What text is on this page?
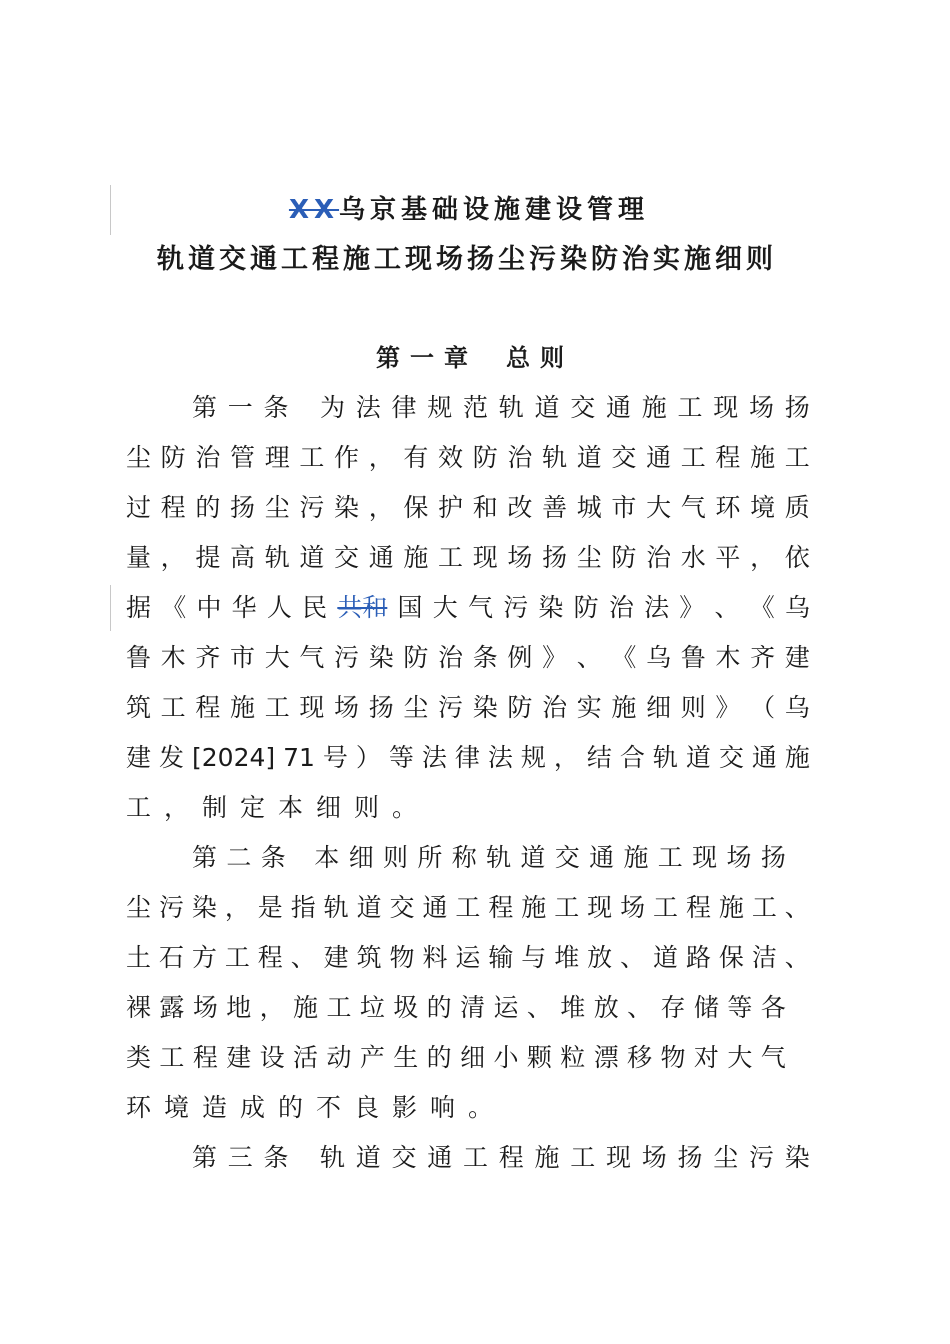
XX乌京基础设施建设管理
轨道交通工程施工现场扬尘污染防治实施细则
第一章 总则
第 一 条 为 法 律 规 范 轨 道 交 通 施 工 现 场 扬
尘 防 治 管 理 工 作 ， 有 效 防 治 轨 道 交 通 工 程 施 工
过 程 的 扬 尘 污 染 ， 保 护 和 改 善 城 市 大 气 环 境 质
量 ， 提 高 轨 道 交 通 施 工 现 场 扬 尘 防 治 水 平 ， 依
据 《 中 华 人 民 共和 国 大 气 污 染 防 治 法 》 、 《 乌
鲁 木 齐 市 大 气 污 染 防 治 条 例 》 、 《 乌 鲁 木 齐 建
筑 工 程 施 工 现 场 扬 尘 污 染 防 治 实 施 细 则 》 （ 乌
建 发 [2024] 71 号 ） 等 法 律 法 规 ， 结 合 轨 道 交 通 施
工，制定本细则。
第 二 条 本 细 则 所 称 轨 道 交 通 施 工 现 场 扬
尘 污 染 ， 是 指 轨 道 交 通 工 程 施 工 现 场 工 程 施 工 、
土 石 方 工 程 、 建 筑 物 料 运 输 与 堆 放 、 道 路 保 洁 、
裸 露 场 地 ， 施 工 垃 圾 的 清 运 、 堆 放 、 存 储 等 各
类 工 程 建 设 活 动 产 生 的 细 小 颗 粒 漂 移 物 对 大 气
环境造成的不良影响。
第 三 条 轨 道 交 通 工 程 施 工 现 场 扬 尘 污 染
